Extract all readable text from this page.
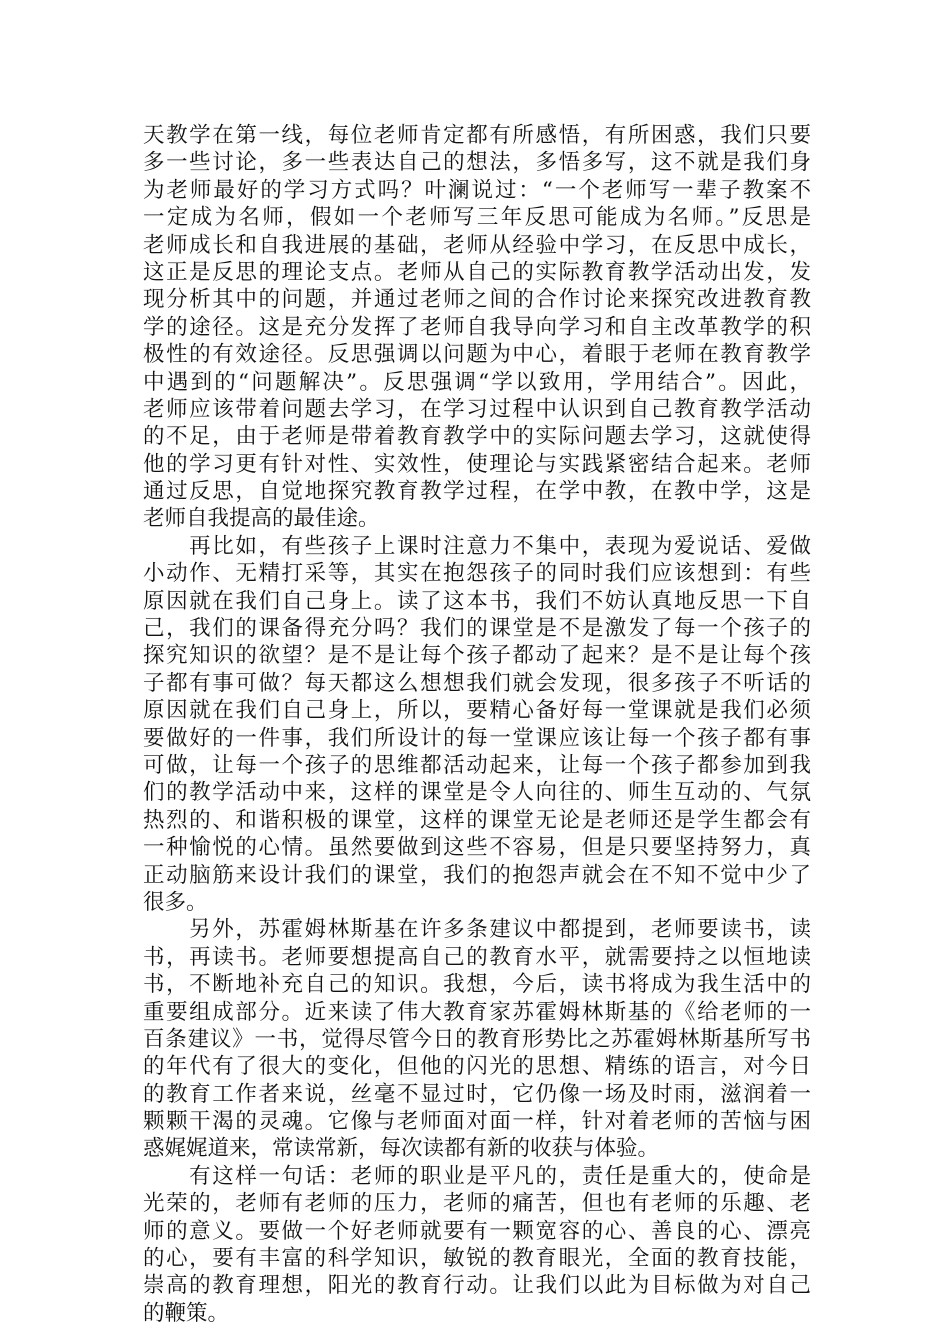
天教学在第一线，每位老师肯定都有所感悟，有所困惑，我们只要
多一些讨论，多一些表达自己的想法，多悟多写，这不就是我们身
为老师最好的学习方式吗？叶澜说过：“一个老师写一辈子教案不
一定成为名师，假如一个老师写三年反思可能成为名师。”反思是
老师成长和自我进展的基础，老师从经验中学习，在反思中成长，
这正是反思的理论支点。老师从自己的实际教育教学活动出发，发
现分析其中的问题，并通过老师之间的合作讨论来探究改进教育教
学的途径。这是充分发挥了老师自我导向学习和自主改革教学的积
极性的有效途径。反思强调以问题为中心，着眼于老师在教育教学
中遇到的“问题解决”。反思强调“学以致用，学用结合”。因此，
老师应该带着问题去学习，在学习过程中认识到自己教育教学活动
的不足，由于老师是带着教育教学中的实际问题去学习，这就使得
他的学习更有针对性、实效性，使理论与实践紧密结合起来。老师
通过反思，自觉地探究教育教学过程，在学中教，在教中学，这是
老师自我提高的最佳途。
　　再比如，有些孩子上课时注意力不集中，表现为爱说话、爱做
小动作、无精打采等，其实在抱怨孩子的同时我们应该想到：有些
原因就在我们自己身上。读了这本书，我们不妨认真地反思一下自
己，我们的课备得充分吗？我们的课堂是不是激发了每一个孩子的
探究知识的欲望？是不是让每个孩子都动了起来？是不是让每个孩
子都有事可做？每天都这么想想我们就会发现，很多孩子不听话的
原因就在我们自己身上，所以，要精心备好每一堂课就是我们必须
要做好的一件事，我们所设计的每一堂课应该让每一个孩子都有事
可做，让每一个孩子的思维都活动起来，让每一个孩子都参加到我
们的教学活动中来，这样的课堂是令人向往的、师生互动的、气氛
热烈的、和谐积极的课堂，这样的课堂无论是老师还是学生都会有
一种愉悦的心情。虽然要做到这些不容易，但是只要坚持努力，真
正动脑筋来设计我们的课堂，我们的抱怨声就会在不知不觉中少了
很多。
　　另外，苏霍姆林斯基在许多条建议中都提到，老师要读书，读
书，再读书。老师要想提高自己的教育水平，就需要持之以恒地读
书，不断地补充自己的知识。我想，今后，读书将成为我生活中的
重要组成部分。近来读了伟大教育家苏霍姆林斯基的《给老师的一
百条建议》一书，觉得尽管今日的教育形势比之苏霍姆林斯基所写书
的年代有了很大的变化，但他的闪光的思想、精练的语言，对今日
的教育工作者来说，丝毫不显过时，它仍像一场及时雨，滋润着一
颗颗干渴的灵魂。它像与老师面对面一样，针对着老师的苦恼与困
惑娓娓道来，常读常新，每次读都有新的收获与体验。
　　有这样一句话：老师的职业是平凡的，责任是重大的，使命是
光荣的，老师有老师的压力，老师的痛苦，但也有老师的乐趣、老
师的意义。要做一个好老师就要有一颗宽容的心、善良的心、漂亮
的心，要有丰富的科学知识，敏锐的教育眼光，全面的教育技能，
崇高的教育理想，阳光的教育行动。让我们以此为目标做为对自己
的鞭策。
